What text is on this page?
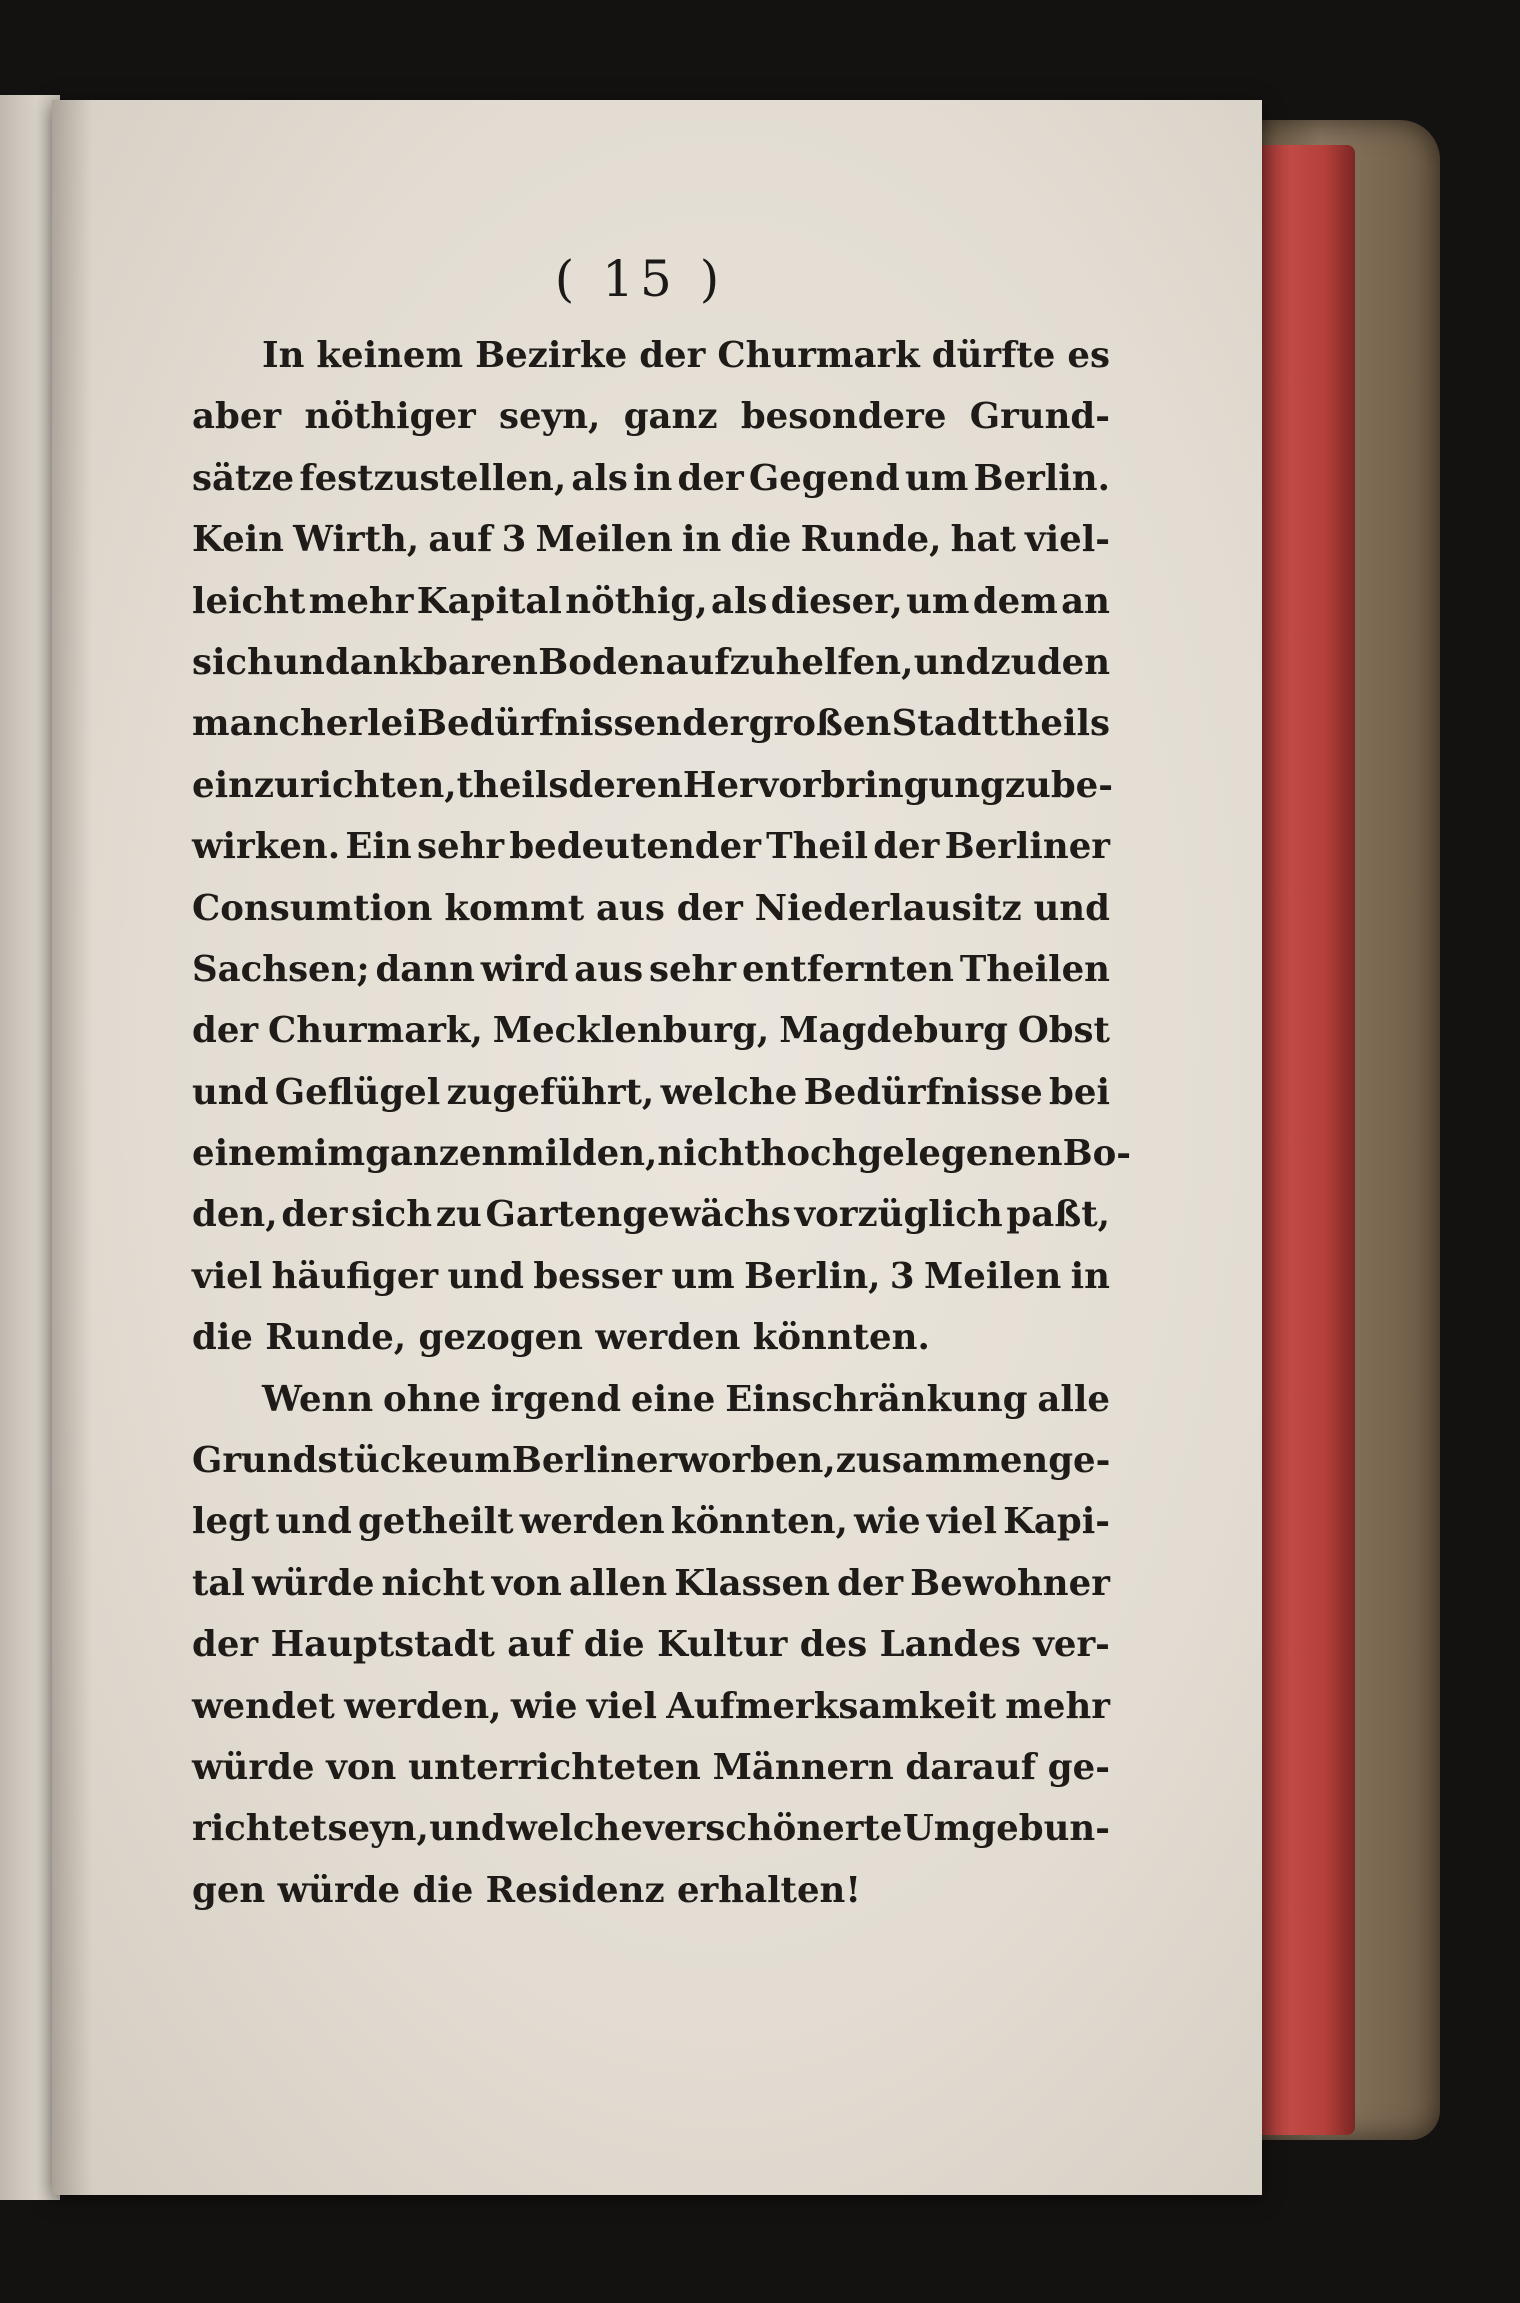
( 15 )
In keinem Bezirke der Churmark dürfte es
aber nöthiger seyn, ganz besondere Grund-
sätze festzustellen, als in der Gegend um Berlin.
Kein Wirth, auf 3 Meilen in die Runde, hat viel-
leicht mehr Kapital nöthig, als dieser, um dem an
sich undankbaren Boden aufzuhelfen, und zu den
mancherlei Bedürfnissen der großen Stadt theils
einzurichten, theils deren Hervorbringung zu be-
wirken. Ein sehr bedeutender Theil der Berliner
Consumtion kommt aus der Niederlausitz und
Sachsen; dann wird aus sehr entfernten Theilen
der Churmark, Mecklenburg, Magdeburg Obst
und Geflügel zugeführt, welche Bedürfnisse bei
einem im ganzen milden, nicht hochgelegenen Bo-
den, der sich zu Gartengewächs vorzüglich paßt,
viel häufiger und besser um Berlin, 3 Meilen in
die Runde, gezogen werden könnten.
Wenn ohne irgend eine Einschränkung alle
Grundstücke um Berlin erworben, zusammenge-
legt und getheilt werden könnten, wie viel Kapi-
tal würde nicht von allen Klassen der Bewohner
der Hauptstadt auf die Kultur des Landes ver-
wendet werden, wie viel Aufmerksamkeit mehr
würde von unterrichteten Männern darauf ge-
richtet seyn, und welche verschönerte Umgebun-
gen würde die Residenz erhalten!
